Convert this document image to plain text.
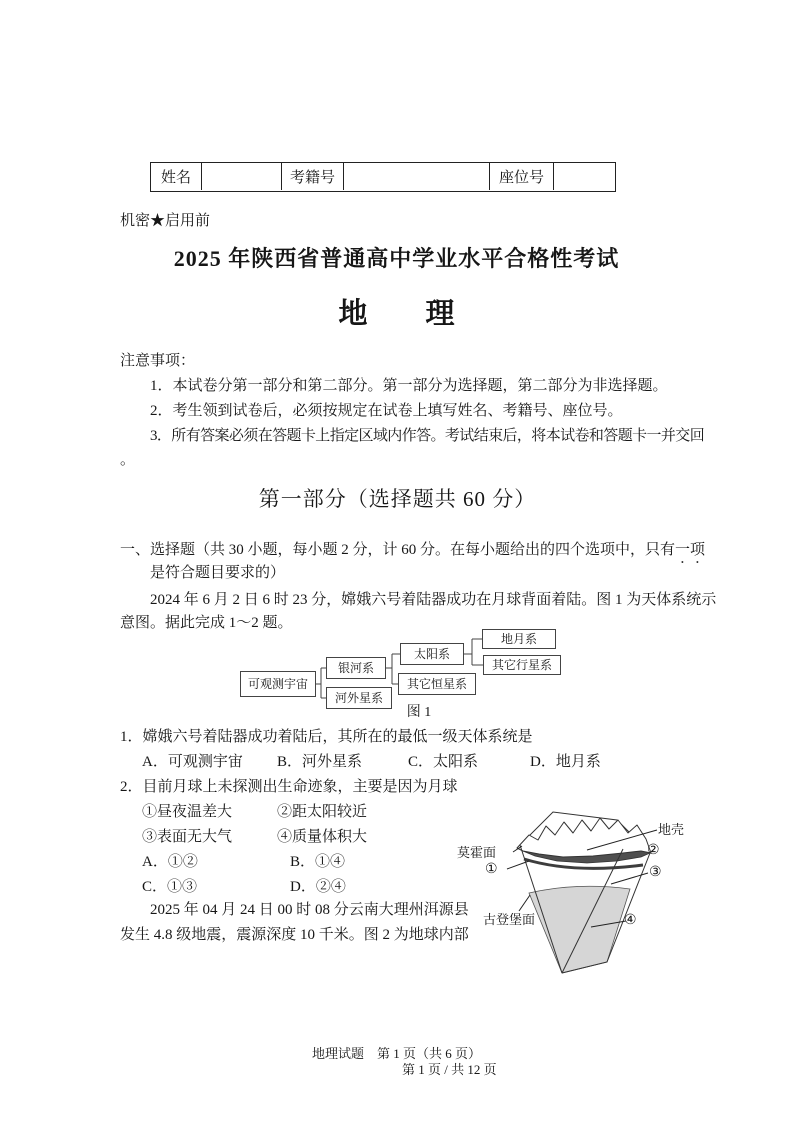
姓名	考籍号	座位号
机密★启用前
2025 年陕西省普通高中学业水平合格性考试
地　　理
注意事项：
1．本试卷分第一部分和第二部分。第一部分为选择题，第二部分为非选择题。
2．考生领到试卷后，必须按规定在试卷上填写姓名、考籍号、座位号。
3．所有答案必须在答题卡上指定区域内作答。考试结束后，将本试卷和答题卡一并交回
。
第一部分（选择题共 60 分）
一、选择题（共 30 小题，每小题 2 分，计 60 分。在每小题给出的四个选项中，只有一项
是符合题目要求的）
2024 年 6 月 2 日 6 时 23 分，嫦娥六号着陆器成功在月球背面着陆。图 1 为天体系统示
意图。据此完成 1～2 题。
可观测宇宙
银河系
河外星系
太阳系
其它恒星系
地月系
其它行星系
图 1
1．嫦娥六号着陆器成功着陆后，其所在的最低一级天体系统是
A．可观测宇宙 B．河外星系	C．太阳系	D．地月系
2．目前月球上未探测出生命迹象，主要是因为月球
①昼夜温差大	②距太阳较近
③表面无大气	④质量体积大
A．①②	B．①④
C．①③	D．②④
2025 年 04 月 24 日 00 时 08 分云南大理州洱源县
发生 4.8 级地震，震源深度 10 千米。图 2 为地球内部
莫霍面
①
地壳
②
③
古登堡面	④
地理试题　第 1 页（共 6 页）
第 1 页 / 共 12 页
